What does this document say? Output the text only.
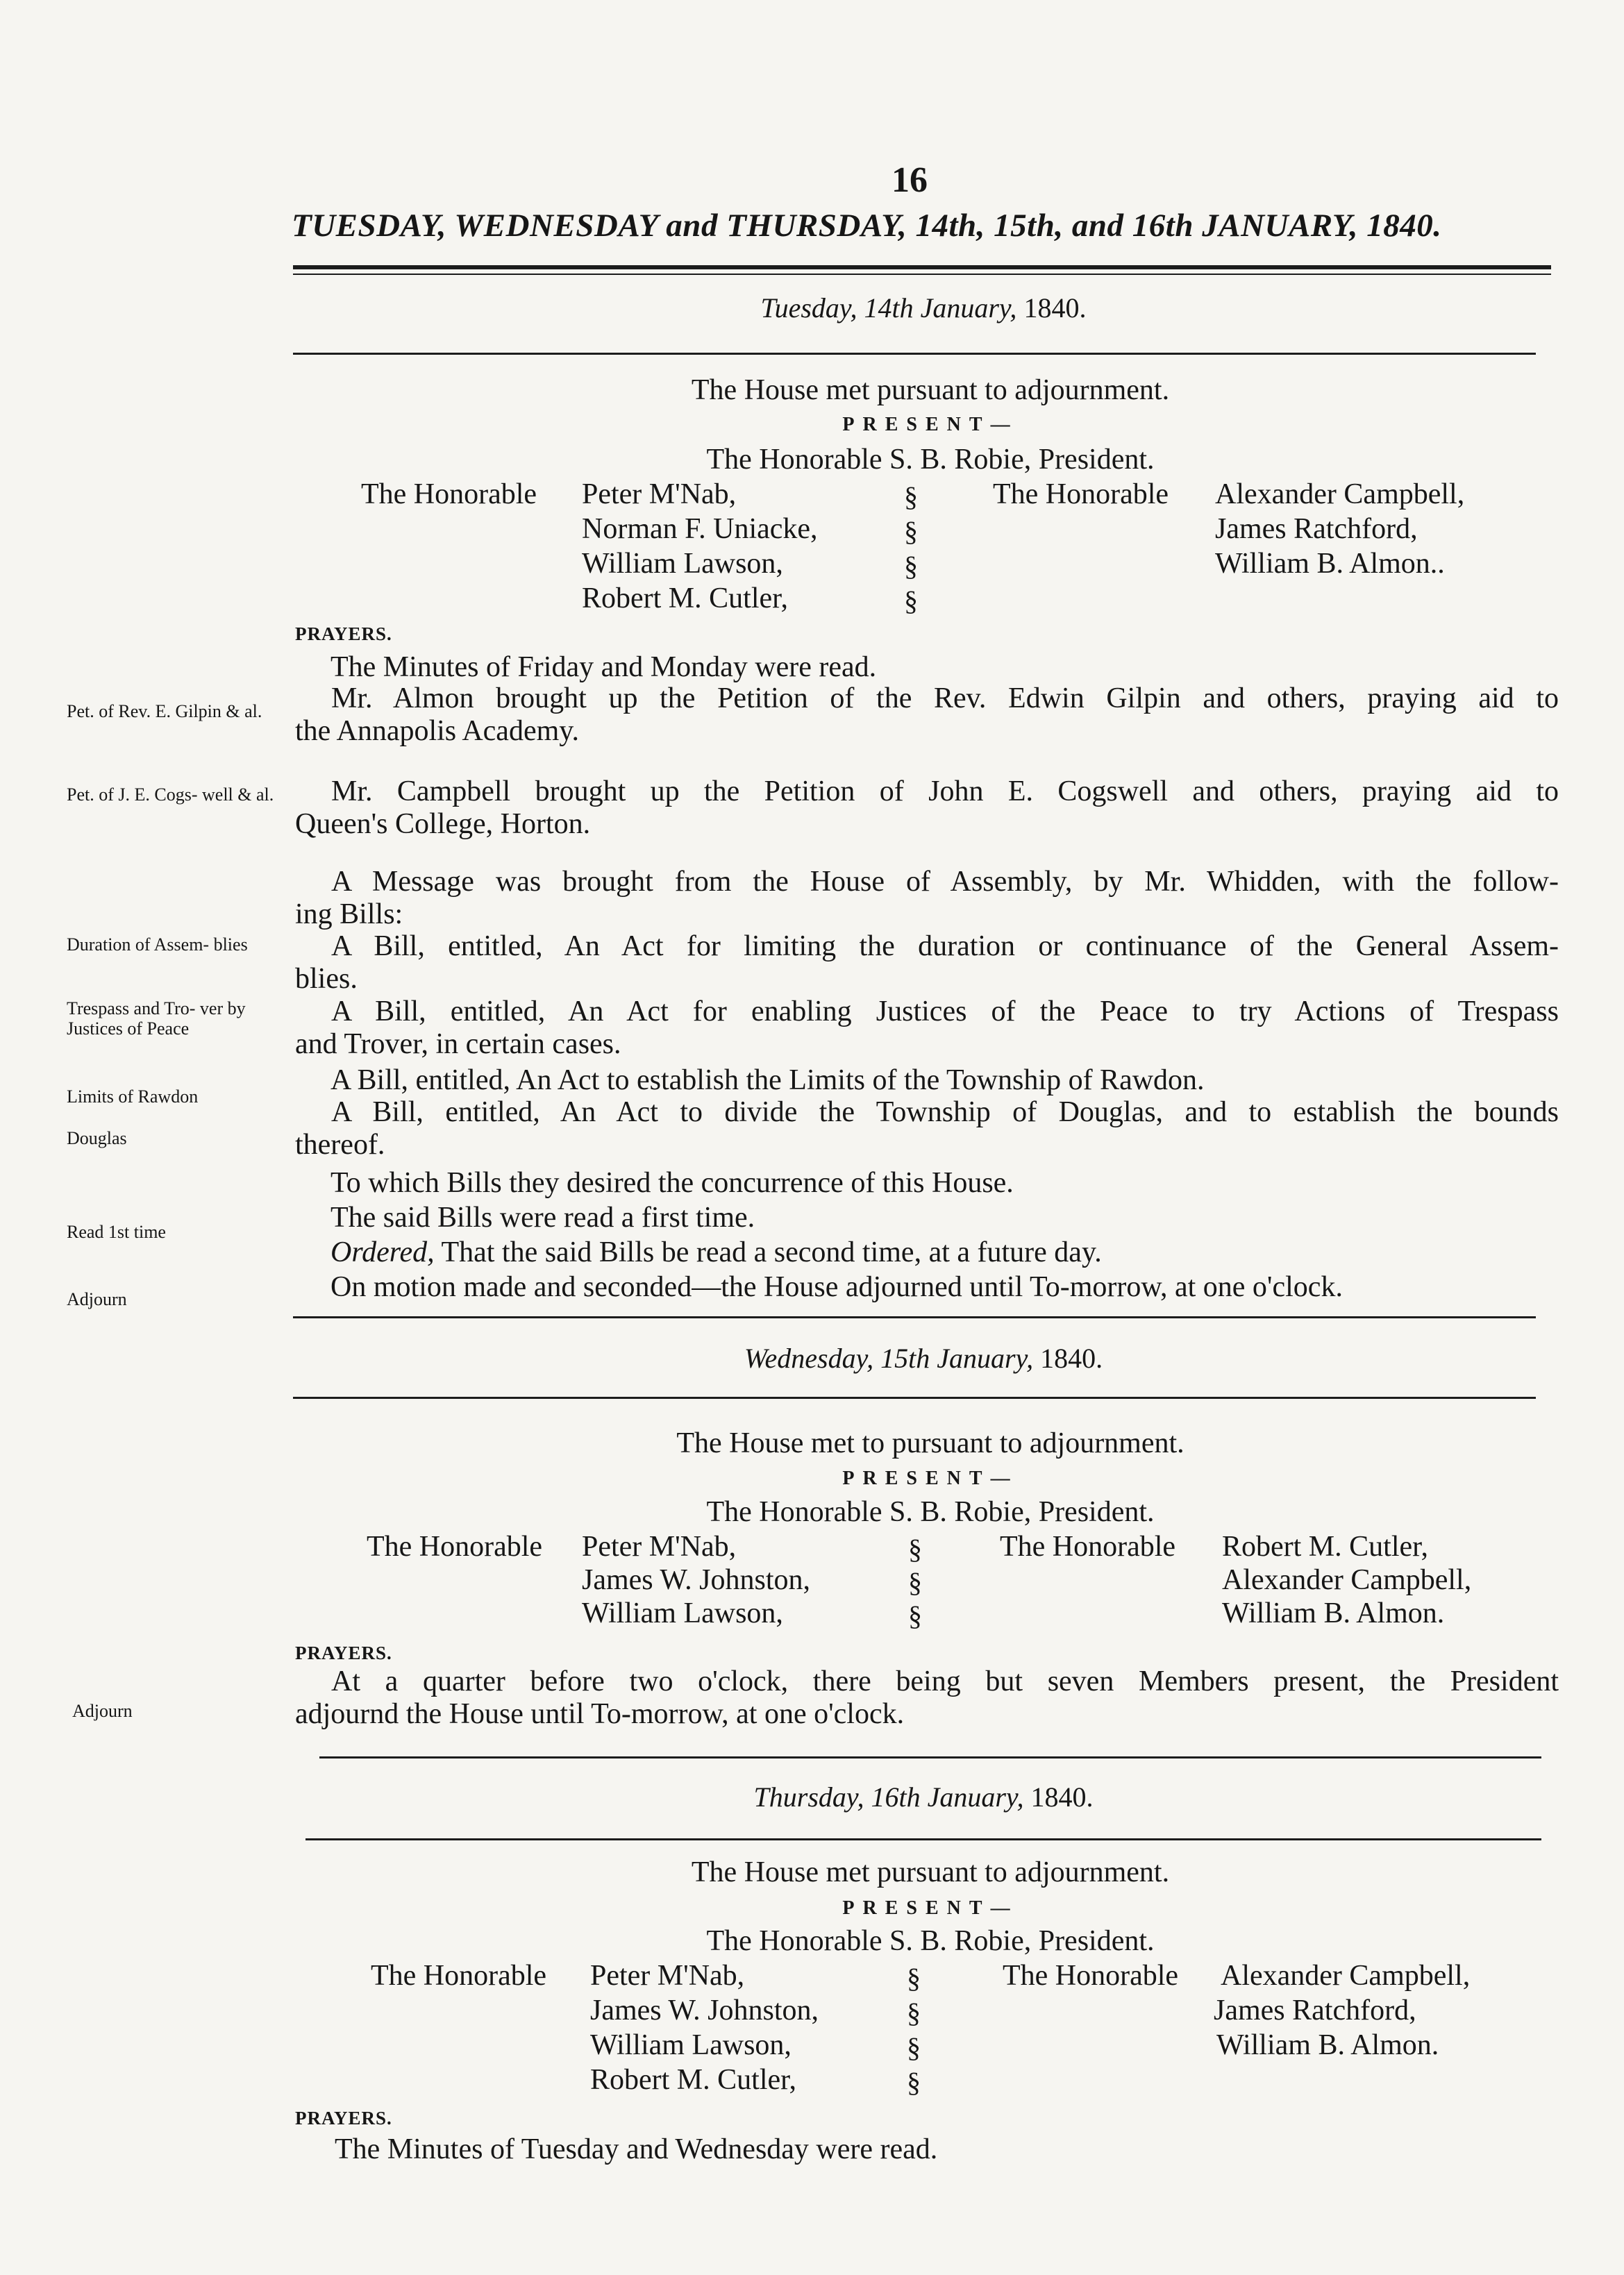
16
TUESDAY, WEDNESDAY and THURSDAY, 14th, 15th, and 16th JANUARY, 1840.
Tuesday, 14th January, 1840.
The House met pursuant to adjournment.
PRESENT—
The Honorable S. B. Robie, President.
The Honorable Peter M'Nab,
Norman F. Uniacke,
William Lawson,
Robert M. Cutler,
§
§
§
§
The Honorable Alexander Campbell,
James Ratchford,
William B. Almon..
PRAYERS.
The Minutes of Friday and Monday were read.
Mr. Almon brought up the Petition of the Rev. Edwin Gilpin and others, praying aid to
the Annapolis Academy.
Mr. Campbell brought up the Petition of John E. Cogswell and others, praying aid to
Queen's College, Horton.
A Message was brought from the House of Assembly, by Mr. Whidden, with the follow-
ing Bills:
A Bill, entitled, An Act for limiting the duration or continuance of the General Assem-
blies.
A Bill, entitled, An Act for enabling Justices of the Peace to try Actions of Trespass
and Trover, in certain cases.
A Bill, entitled, An Act to establish the Limits of the Township of Rawdon.
A Bill, entitled, An Act to divide the Township of Douglas, and to establish the bounds
thereof.
To which Bills they desired the concurrence of this House.
The said Bills were read a first time.
Ordered, That the said Bills be read a second time, at a future day.
On motion made and seconded—the House adjourned until To-morrow, at one o'clock.
Wednesday, 15th January, 1840.
The House met to pursuant to adjournment.
PRESENT—
The Honorable S. B. Robie, President.
The Honorable Peter M'Nab,
James W. Johnston,
William Lawson,
§
§
§
The Honorable Robert M. Cutler,
Alexander Campbell,
William B. Almon.
PRAYERS.
At a quarter before two o'clock, there being but seven Members present, the President
adjournd the House until To-morrow, at one o'clock.
Thursday, 16th January, 1840.
The House met pursuant to adjournment.
PRESENT—
The Honorable S. B. Robie, President.
The Honorable Peter M'Nab,
James W. Johnston,
William Lawson,
Robert M. Cutler,
§
§
§
§
The Honorable Alexander Campbell,
James Ratchford,
William B. Almon.
PRAYERS.
The Minutes of Tuesday and Wednesday were read.
Pet. of Rev. E. Gilpin & al.
Pet. of J. E. Cogs- well & al.
Duration of Assem- blies
Trespass and Tro- ver by Justices of Peace
Limits of Rawdon
Douglas
Read 1st time
Adjourn
Adjourn
